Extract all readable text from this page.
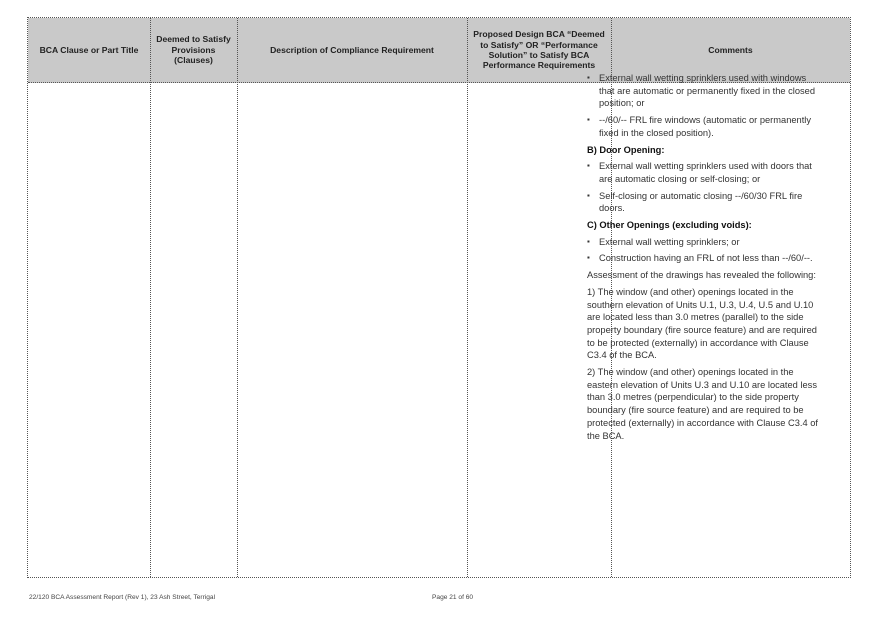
BCA Clause or Part Title
Deemed to Satisfy Provisions (Clauses)
Description of Compliance Requirement
Proposed Design BCA “Deemed to Satisfy” OR “Performance Solution” to Satisfy BCA Performance Requirements
Comments
▪ External wall wetting sprinklers used with windows that are automatic or permanently fixed in the closed position; or
▪ --/60/-- FRL fire windows (automatic or permanently fixed in the closed position).
B) Door Opening:
▪ External wall wetting sprinklers used with doors that are automatic closing or self-closing; or
▪ Self-closing or automatic closing --/60/30 FRL fire doors.
C) Other Openings (excluding voids):
▪ External wall wetting sprinklers; or
▪ Construction having an FRL of not less than --/60/--.
Assessment of the drawings has revealed the following:
1) The window (and other) openings located in the southern elevation of Units U.1, U.3, U.4, U.5 and U.10 are located less than 3.0 metres (parallel) to the side property boundary (fire source feature) and are required to be protected (externally) in accordance with Clause C3.4 of the BCA.
2) The window (and other) openings located in the eastern elevation of Units U.3 and U.10 are located less than 3.0 metres (perpendicular) to the side property boundary (fire source feature) and are required to be protected (externally) in accordance with Clause C3.4 of the BCA.
22/120 BCA Assessment Report (Rev 1), 23 Ash Street, Terrigal	Page 21 of 60
